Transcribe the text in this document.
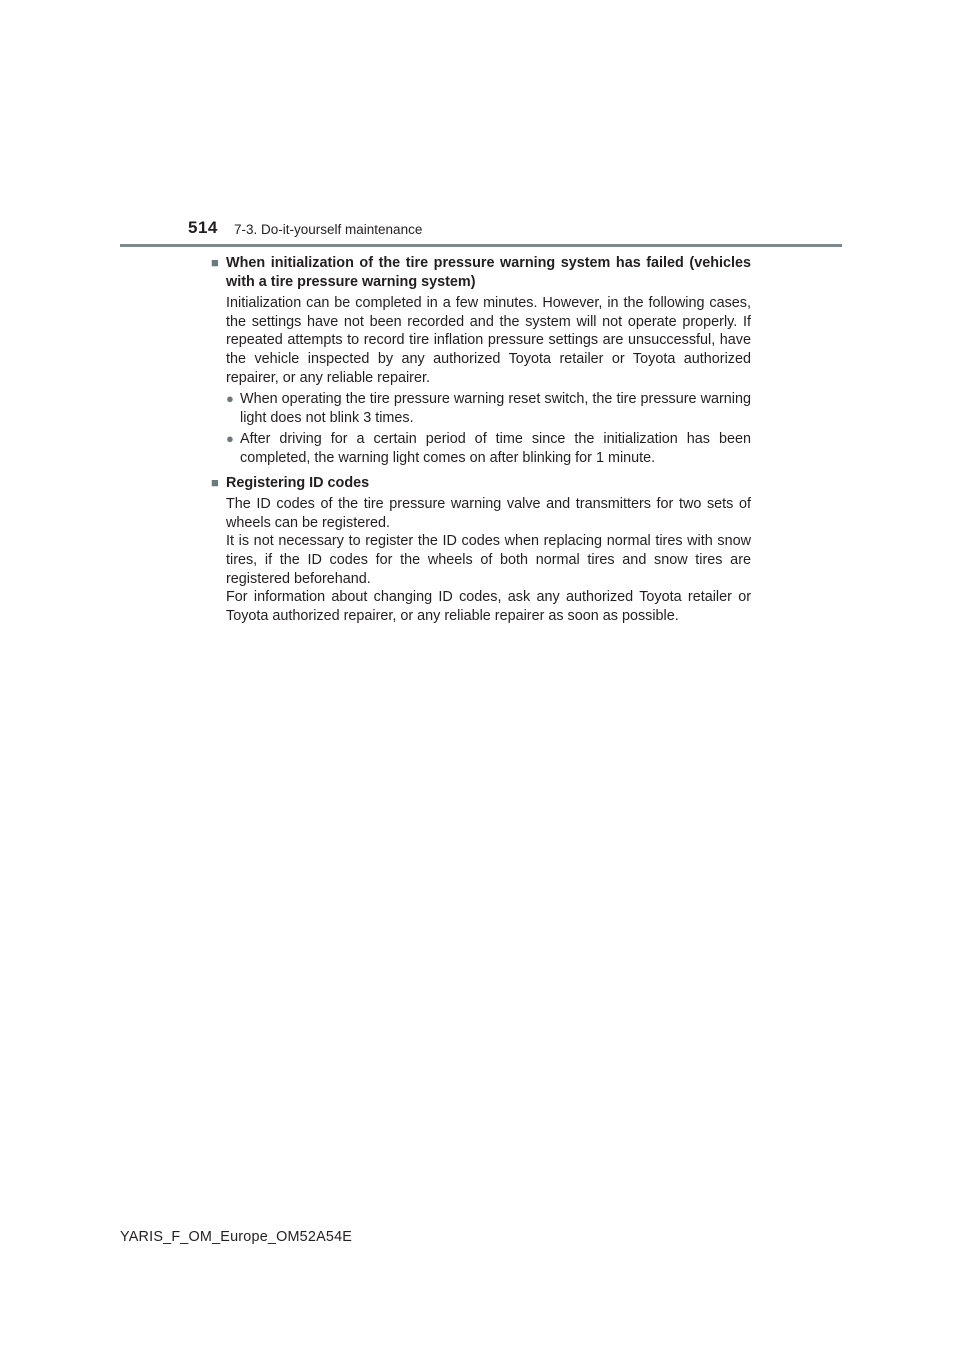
514 7-3. Do-it-yourself maintenance
■ When initialization of the tire pressure warning system has failed (vehicles with a tire pressure warning system)
Initialization can be completed in a few minutes. However, in the following cases, the settings have not been recorded and the system will not operate properly. If repeated attempts to record tire inflation pressure settings are unsuccessful, have the vehicle inspected by any authorized Toyota retailer or Toyota authorized repairer, or any reliable repairer.
● When operating the tire pressure warning reset switch, the tire pressure warning light does not blink 3 times.
● After driving for a certain period of time since the initialization has been completed, the warning light comes on after blinking for 1 minute.
■ Registering ID codes
The ID codes of the tire pressure warning valve and transmitters for two sets of wheels can be registered.
It is not necessary to register the ID codes when replacing normal tires with snow tires, if the ID codes for the wheels of both normal tires and snow tires are registered beforehand.
For information about changing ID codes, ask any authorized Toyota retailer or Toyota authorized repairer, or any reliable repairer as soon as possible.
YARIS_F_OM_Europe_OM52A54E
